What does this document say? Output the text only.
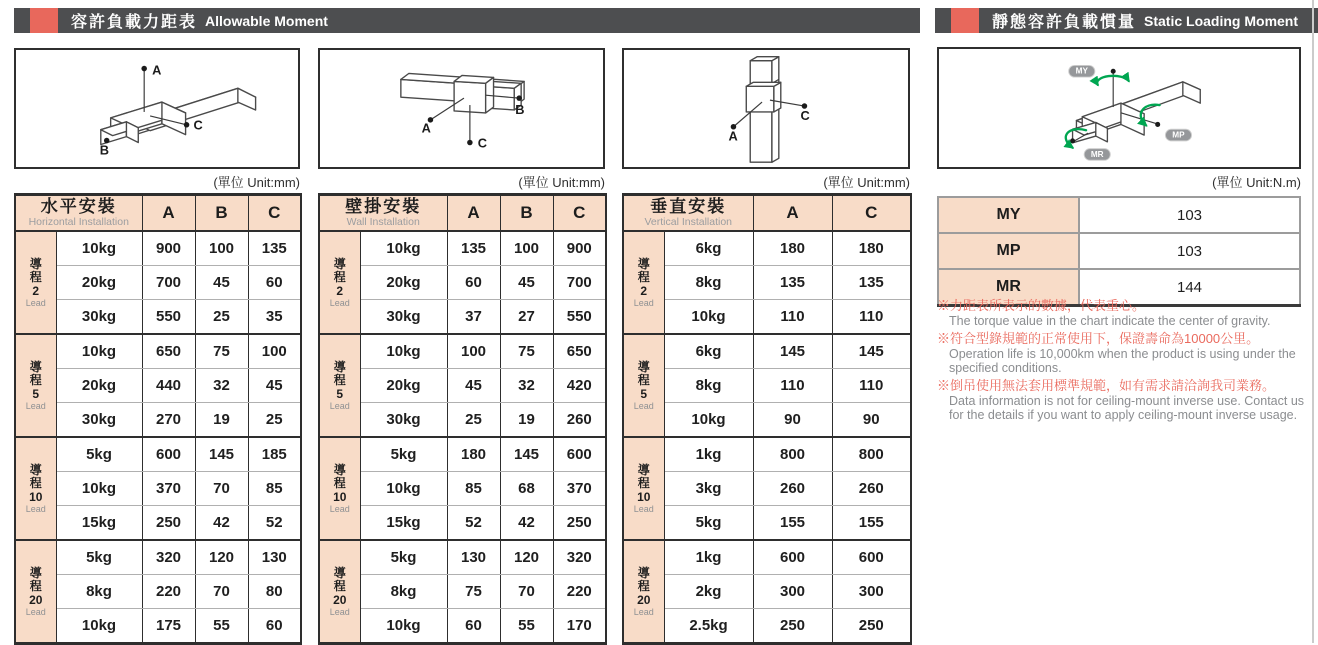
容許負載力距表 Allowable Moment	靜態容許負載慣量 Static Loading Moment
A
C
B
A
B
C	A
C
MY
MP
MR
(單位 Unit:mm)	(單位 Unit:mm)	(單位 Unit:mm)	(單位 Unit:N.m)
水平安裝
Horizontal Installation		A	B	C

導
程
2
Lead	10kg	900	100	135
	20kg	700	45	60
	30kg	550	25	35

導
程
5
Lead	10kg	650	75	100
	20kg	440	32	45
	30kg	270	19	25

導
程
10
Lead	5kg	600	145	185
	10kg	370	70	85
	15kg	250	42	52

導
程
20
Lead	5kg	320	120	130
	8kg	220	70	80
	10kg	175	55	60
壁掛安裝
Wall Installation		A	B	C

導
程
2
Lead	10kg	135	100	900
	20kg	60	45	700
	30kg	37	27	550

導
程
5
Lead	10kg	100	75	650
	20kg	45	32	420
	30kg	25	19	260

導
程
10
Lead	5kg	180	145	600
	10kg	85	68	370
	15kg	52	42	250

導
程
20
Lead	5kg	130	120	320
	8kg	75	70	220
	10kg	60	55	170
垂直安裝
Vertical Installation		A	C

導
程
2
Lead	6kg	180	180
	8kg	135	135
	10kg	110	110

導
程
5
Lead	6kg	145	145
	8kg	110	110
	10kg	90	90

導
程
10
Lead	1kg	800	800
	3kg	260	260
	5kg	155	155

導
程
20
Lead	1kg	600	600
	2kg	300	300
	2.5kg	250	250
MY	103
MP	103
MR	144
※力距表所表示的數據，代表重心。
The torque value in the chart indicate the center of gravity.
※符合型錄規範的正常使用下，保證壽命為10000公里。
Operation life is 10,000km when the product is using under the specified conditions.
※倒吊使用無法套用標準規範，如有需求請洽詢我司業務。
Data information is not for ceiling-mount inverse use. Contact us for the details if you want to apply ceiling-mount inverse usage.
